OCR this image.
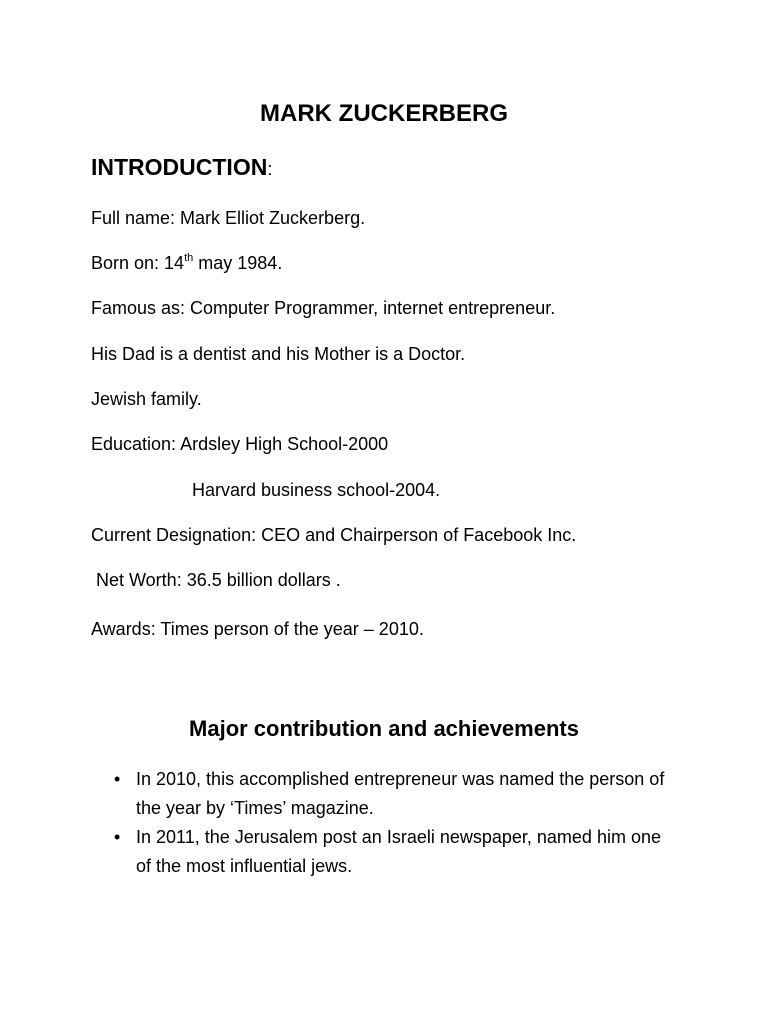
MARK ZUCKERBERG
INTRODUCTION:

Full name: Mark Elliot Zuckerberg.

Born on: 14th may 1984.

Famous as: Computer Programmer, internet entrepreneur.

His Dad is a dentist and his Mother is a Doctor.

Jewish family.

Education: Ardsley High School-2000

Harvard business school-2004.

Current Designation: CEO and Chairperson of Facebook Inc.

Net Worth: 36.5 billion dollars .

Awards: Times person of the year – 2010.

Major contribution and achievements
• In 2010, this accomplished entrepreneur was named the person of the year by ‘Times’ magazine.
• In 2011, the Jerusalem post an Israeli newspaper, named him one of the most influential jews.
